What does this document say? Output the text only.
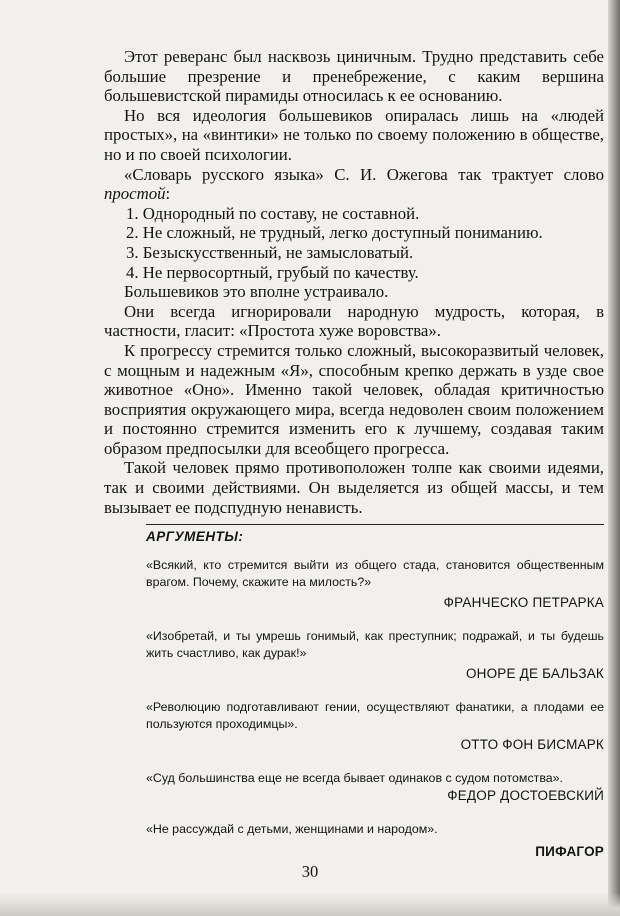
Этот реверанс был насквозь циничным. Трудно представить себе большие презрение и пренебрежение, с каким вершина большевистской пирамиды относилась к ее основанию.

Но вся идеология большевиков опиралась лишь на «людей простых», на «винтики» не только по своему положению в обществе, но и по своей психологии.

«Словарь русского языка» С. И. Ожегова так трактует слово простой:

1. Однородный по составу, не составной.

2. Не сложный, не трудный, легко доступный пониманию.

3. Безыскусственный, не замысловатый.

4. Не первосортный, грубый по качеству.

Большевиков это вполне устраивало.

Они всегда игнорировали народную мудрость, которая, в частности, гласит: «Простота хуже воровства».

К прогрессу стремится только сложный, высокоразвитый человек, с мощным и надежным «Я», способным крепко держать в узде свое животное «Оно». Именно такой человек, обладая критичностью восприятия окружающего мира, всегда недоволен своим положением и постоянно стремится изменить его к лучшему, создавая таким образом предпосылки для всеобщего прогресса.

Такой человек прямо противоположен толпе как своими идеями, так и своими действиями. Он выделяется из общей массы, и тем вызывает ее подспудную ненависть.

АРГУМЕНТЫ:
«Всякий, кто стремится выйти из общего стада, становится общественным врагом. Почему, скажите на милость?»
ФРАНЧЕСКО ПЕТРАРКА
«Изобретай, и ты умрешь гонимый, как преступник; подражай, и ты будешь жить счастливо, как дурак!»
ОНОРЕ ДЕ БАЛЬЗАК
«Революцию подготавливают гении, осуществляют фанатики, а плодами ее пользуются проходимцы».
ОТТО ФОН БИСМАРК
«Суд большинства еще не всегда бывает одинаков с судом потомства».
ФЕДОР ДОСТОЕВСКИЙ
«Не рассуждай с детьми, женщинами и народом».
ПИФАГОР
30
